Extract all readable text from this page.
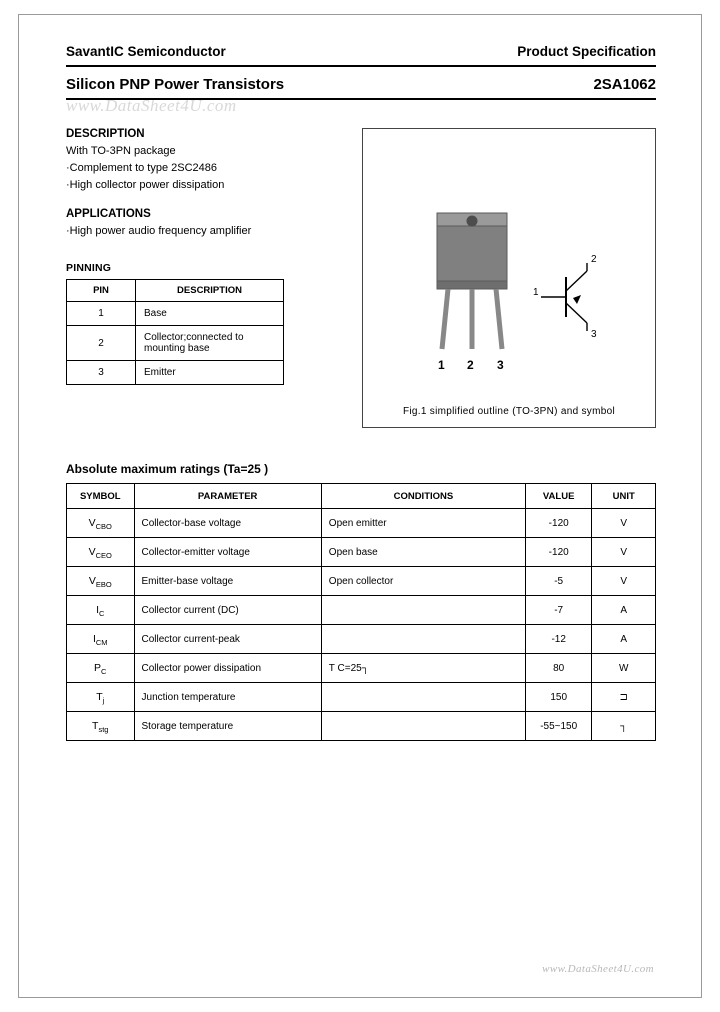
www.DataSheet4U.com
SavantIC Semiconductor	Product Specification
Silicon PNP Power Transistors	2SA1062
DESCRIPTION
With TO-3PN package
·Complement to type 2SC2486
·High collector power dissipation
APPLICATIONS
·High power audio frequency amplifier
PINNING
PIN	DESCRIPTION
1	Base
2	Collector;connected to mounting base
3	Emitter
1 2 3
1
2
3
Fig.1 simplified outline (TO-3PN) and symbol
Absolute maximum ratings (Ta=25 )
SYMBOL	PARAMETER	CONDITIONS	VALUE	UNIT
$V_{CBO}$	Collector-base voltage	Open emitter	-120	V
$V_{CEO}$	Collector-emitter voltage	Open base	-120	V
$V_{EBO}$	Emitter-base voltage	Open collector	-5	V
$I_C$	Collector current (DC)		-7	A
$I_{CM}$	Collector current-peak		-12	A
$P_C$	Collector power dissipation	T C=25┐	80	W
$T_j$	Junction temperature		150	⊐
$T_{stg}$	Storage temperature		-55~150	┐
www.DataSheet4U.com
